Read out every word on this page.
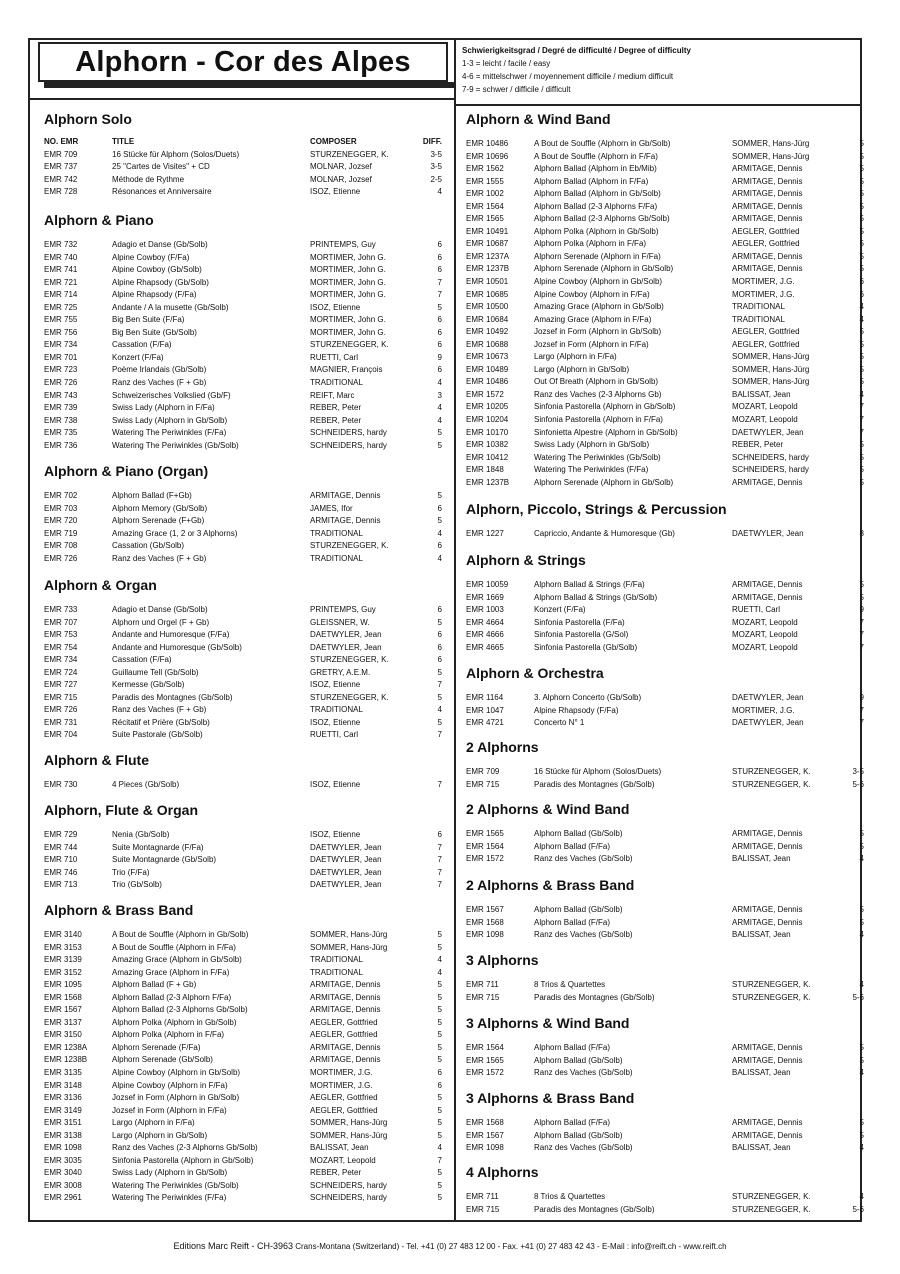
Alphorn - Cor des Alpes	Schwierigkeitsgrad / Degré de difficulté / Degree of difficulty
1-3 = leicht / facile / easy
4-6 = mittelschwer / moyennement difficile / medium difficult
7-9 = schwer / difficile / difficult
Alphorn Solo
NO. EMR	TITLE	COMPOSER	DIFF.
EMR 709	16 Stücke für Alphorn (Solos/Duets)	STURZENEGGER, K.	3-5
EMR 737	25 "Cartes de Visites" + CD	MOLNAR, Jozsef	3-5
EMR 742	Méthode de Rythme	MOLNAR, Jozsef	2-5
EMR 728	Résonances et Anniversaire	ISOZ, Etienne	4
Alphorn & Piano
EMR 732	Adagio et Danse (Gb/Solb)	PRINTEMPS, Guy	6
EMR 740	Alpine Cowboy (F/Fa)	MORTIMER, John G.	6
EMR 741	Alpine Cowboy (Gb/Solb)	MORTIMER, John G.	6
EMR 721	Alpine Rhapsody (Gb/Solb)	MORTIMER, John G.	7
EMR 714	Alpine Rhapsody (F/Fa)	MORTIMER, John G.	7
EMR 725	Andante / A la musette (Gb/Solb)	ISOZ, Etienne	5
EMR 755	Big Ben Suite (F/Fa)	MORTIMER, John G.	6
EMR 756	Big Ben Suite (Gb/Solb)	MORTIMER, John G.	6
EMR 734	Cassation (F/Fa)	STURZENEGGER, K.	6
EMR 701	Konzert (F/Fa)	RUETTI, Carl	9
EMR 723	Poème Irlandais (Gb/Solb)	MAGNIER, François	6
EMR 726	Ranz des Vaches (F + Gb)	TRADITIONAL	4
EMR 743	Schweizerisches Volkslied (Gb/F)	REIFT, Marc	3
EMR 739	Swiss Lady (Alphorn in F/Fa)	REBER, Peter	4
EMR 738	Swiss Lady (Alphorn in Gb/Solb)	REBER, Peter	4
EMR 735	Watering The Periwinkles (F/Fa)	SCHNEIDERS, hardy	5
EMR 736	Watering The Periwinkles (Gb/Solb)	SCHNEIDERS, hardy	5
Alphorn & Piano (Organ)
EMR 702	Alphorn Ballad (F+Gb)	ARMITAGE, Dennis	5
EMR 703	Alphorn Memory (Gb/Solb)	JAMES, Ifor	6
EMR 720	Alphorn Serenade (F+Gb)	ARMITAGE, Dennis	5
EMR 719	Amazing Grace (1, 2 or 3 Alphorns)	TRADITIONAL	4
EMR 708	Cassation (Gb/Solb)	STURZENEGGER, K.	6
EMR 726	Ranz des Vaches (F + Gb)	TRADITIONAL	4
Alphorn & Organ
EMR 733	Adagio et Danse (Gb/Solb)	PRINTEMPS, Guy	6
EMR 707	Alphorn und Orgel (F + Gb)	GLEISSNER, W.	5
EMR 753	Andante and Humoresque (F/Fa)	DAETWYLER, Jean	6
EMR 754	Andante and Humoresque (Gb/Solb)	DAETWYLER, Jean	6
EMR 734	Cassation (F/Fa)	STURZENEGGER, K.	6
EMR 724	Guillaume Tell (Gb/Solb)	GRETRY, A.E.M.	5
EMR 727	Kermesse (Gb/Solb)	ISOZ, Etienne	7
EMR 715	Paradis des Montagnes (Gb/Solb)	STURZENEGGER, K.	5
EMR 726	Ranz des Vaches (F + Gb)	TRADITIONAL	4
EMR 731	Récitatif et Prière (Gb/Solb)	ISOZ, Etienne	5
EMR 704	Suite Pastorale (Gb/Solb)	RUETTI, Carl	7
Alphorn & Flute
EMR 730	4 Pieces (Gb/Solb)	ISOZ, Etienne	7
Alphorn, Flute & Organ
EMR 729	Nenia (Gb/Solb)	ISOZ, Etienne	6
EMR 744	Suite Montagnarde (F/Fa)	DAETWYLER, Jean	7
EMR 710	Suite Montagnarde (Gb/Solb)	DAETWYLER, Jean	7
EMR 746	Trio (F/Fa)	DAETWYLER, Jean	7
EMR 713	Trio (Gb/Solb)	DAETWYLER, Jean	7
Alphorn & Brass Band
EMR 3140	A Bout de Souffle (Alphorn in Gb/Solb)	SOMMER, Hans-Jürg	5
EMR 3153	A Bout de Souffle (Alphorn in F/Fa)	SOMMER, Hans-Jürg	5
EMR 3139	Amazing Grace (Alphorn in Gb/Solb)	TRADITIONAL	4
EMR 3152	Amazing Grace (Alphorn in F/Fa)	TRADITIONAL	4
EMR 1095	Alphorn Ballad (F + Gb)	ARMITAGE, Dennis	5
EMR 1568	Alphorn Ballad (2-3 Alphorn F/Fa)	ARMITAGE, Dennis	5
EMR 1567	Alphorn Ballad (2-3 Alphorns Gb/Solb)	ARMITAGE, Dennis	5
EMR 3137	Alphorn Polka (Alphorn in Gb/Solb)	AEGLER, Gottfried	5
EMR 3150	Alphorn Polka (Alphorn in F/Fa)	AEGLER, Gottfried	5
EMR 1238A	Alphorn Serenade (F/Fa)	ARMITAGE, Dennis	5
EMR 1238B	Alphorn Serenade (Gb/Solb)	ARMITAGE, Dennis	5
EMR 3135	Alpine Cowboy (Alphorn in Gb/Solb)	MORTIMER, J.G.	6
EMR 3148	Alpine Cowboy (Alphorn in F/Fa)	MORTIMER, J.G.	6
EMR 3136	Jozsef in Form (Alphorn in Gb/Solb)	AEGLER, Gottfried	5
EMR 3149	Jozsef in Form (Alphorn in F/Fa)	AEGLER, Gottfried	5
EMR 3151	Largo (Alphorn in F/Fa)	SOMMER, Hans-Jürg	5
EMR 3138	Largo (Alphorn in Gb/Solb)	SOMMER, Hans-Jürg	5
EMR 1098	Ranz des Vaches (2-3 Alphorns Gb/Solb)	BALISSAT, Jean	4
EMR 3035	Sinfonia Pastorella (Alphorn in Gb/Solb)	MOZART, Leopold	7
EMR 3040	Swiss Lady (Alphorn in Gb/Solb)	REBER, Peter	5
EMR 3008	Watering The Periwinkles (Gb/Solb)	SCHNEIDERS, hardy	5
EMR 2961	Watering The Periwinkles (F/Fa)	SCHNEIDERS, hardy	5
Alphorn & Wind Band
EMR 10486	A Bout de Souffle (Alphorn in Gb/Solb)	SOMMER, Hans-Jürg	5
EMR 10696	A Bout de Souffle (Alphorn in F/Fa)	SOMMER, Hans-Jürg	5
EMR 1562	Alphorn Ballad (Alphorn in Eb/Mib)	ARMITAGE, Dennis	5
EMR 1555	Alphorn Ballad (Alphorn in F/Fa)	ARMITAGE, Dennis	5
EMR 1002	Alphorn Ballad (Alphorn in Gb/Solb)	ARMITAGE, Dennis	5
EMR 1564	Alphorn Ballad (2-3 Alphorns F/Fa)	ARMITAGE, Dennis	5
EMR 1565	Alphorn Ballad (2-3 Alphorns Gb/Solb)	ARMITAGE, Dennis	5
EMR 10491	Alphorn Polka (Alphorn in Gb/Solb)	AEGLER, Gottfried	5
EMR 10687	Alphorn Polka (Alphorn in F/Fa)	AEGLER, Gottfried	5
EMR 1237A	Alphorn Serenade (Alphorn in F/Fa)	ARMITAGE, Dennis	5
EMR 1237B	Alphorn Serenade (Alphorn in Gb/Solb)	ARMITAGE, Dennis	5
EMR 10501	Alpine Cowboy (Alphorn in Gb/Solb)	MORTIMER, J.G.	6
EMR 10685	Alpine Cowboy (Alphorn in F/Fa)	MORTIMER, J.G.	6
EMR 10500	Amazing Grace (Alphorn in Gb/Solb)	TRADITIONAL	4
EMR 10684	Amazing Grace (Alphorn in F/Fa)	TRADITIONAL	4
EMR 10492	Jozsef in Form (Alphorn in Gb/Solb)	AEGLER, Gottfried	5
EMR 10688	Jozsef in Form (Alphorn in F/Fa)	AEGLER, Gottfried	5
EMR 10673	Largo (Alphorn in F/Fa)	SOMMER, Hans-Jürg	5
EMR 10489	Largo (Alphorn in Gb/Solb)	SOMMER, Hans-Jürg	5
EMR 10486	Out Of Breath (Alphorn in Gb/Solb)	SOMMER, Hans-Jürg	5
EMR 1572	Ranz des Vaches (2-3 Alphorns Gb)	BALISSAT, Jean	4
EMR 10205	Sinfonia Pastorella (Alphorn in Gb/Solb)	MOZART, Leopold	7
EMR 10204	Sinfonia Pastorella (Alphorn in F/Fa)	MOZART, Leopold	7
EMR 10170	Sinfonietta Alpestre (Alphorn in Gb/Solb)	DAETWYLER, Jean	7
EMR 10382	Swiss Lady (Alphorn in Gb/Solb)	REBER, Peter	5
EMR 10412	Watering The Periwinkles (Gb/Solb)	SCHNEIDERS, hardy	5
EMR 1848	Watering The Periwinkles (F/Fa)	SCHNEIDERS, hardy	5
EMR 1237B	Alphorn Serenade (Alphorn in Gb/Solb)	ARMITAGE, Dennis	5
Alphorn, Piccolo, Strings & Percussion
EMR 1227	Capriccio, Andante & Humoresque (Gb)	DAETWYLER, Jean	8
Alphorn & Strings
EMR 10059	Alphorn Ballad & Strings (F/Fa)	ARMITAGE, Dennis	5
EMR 1669	Alphorn Ballad & Strings (Gb/Solb)	ARMITAGE, Dennis	5
EMR 1003	Konzert (F/Fa)	RUETTI, Carl	9
EMR 4664	Sinfonia Pastorella (F/Fa)	MOZART, Leopold	7
EMR 4666	Sinfonia Pastorella (G/Sol)	MOZART, Leopold	7
EMR 4665	Sinfonia Pastorella (Gb/Solb)	MOZART, Leopold	7
Alphorn & Orchestra
EMR 1164	3. Alphorn Concerto (Gb/Solb)	DAETWYLER, Jean	9
EMR 1047	Alpine Rhapsody (F/Fa)	MORTIMER, J.G.	7
EMR 4721	Concerto N° 1	DAETWYLER, Jean	7
2 Alphorns
EMR 709	16 Stücke für Alphorn (Solos/Duets)	STURZENEGGER, K.	3-5
EMR 715	Paradis des Montagnes (Gb/Solb)	STURZENEGGER, K.	5-6
2 Alphorns & Wind Band
EMR 1565	Alphorn Ballad (Gb/Solb)	ARMITAGE, Dennis	5
EMR 1564	Alphorn Ballad (F/Fa)	ARMITAGE, Dennis	5
EMR 1572	Ranz des Vaches (Gb/Solb)	BALISSAT, Jean	4
2 Alphorns & Brass Band
EMR 1567	Alphorn Ballad (Gb/Solb)	ARMITAGE, Dennis	5
EMR 1568	Alphorn Ballad (F/Fa)	ARMITAGE, Dennis	5
EMR 1098	Ranz des Vaches (Gb/Solb)	BALISSAT, Jean	4
3 Alphorns
EMR 711	8 Trios & Quartettes	STURZENEGGER, K.	4
EMR 715	Paradis des Montagnes (Gb/Solb)	STURZENEGGER, K.	5-6
3 Alphorns & Wind Band
EMR 1564	Alphorn Ballad (F/Fa)	ARMITAGE, Dennis	5
EMR 1565	Alphorn Ballad (Gb/Solb)	ARMITAGE, Dennis	5
EMR 1572	Ranz des Vaches (Gb/Solb)	BALISSAT, Jean	4
3 Alphorns & Brass Band
EMR 1568	Alphorn Ballad (F/Fa)	ARMITAGE, Dennis	5
EMR 1567	Alphorn Ballad (Gb/Solb)	ARMITAGE, Dennis	5
EMR 1098	Ranz des Vaches (Gb/Solb)	BALISSAT, Jean	4
4 Alphorns
EMR 711	8 Trios & Quartettes	STURZENEGGER, K.	4
EMR 715	Paradis des Montagnes (Gb/Solb)	STURZENEGGER, K.	5-6
Editions Marc Reift - CH-3963 Crans-Montana (Switzerland) - Tel. +41 (0) 27 483 12 00 - Fax. +41 (0) 27 483 42 43 - E-Mail : info@reift.ch - www.reift.ch
